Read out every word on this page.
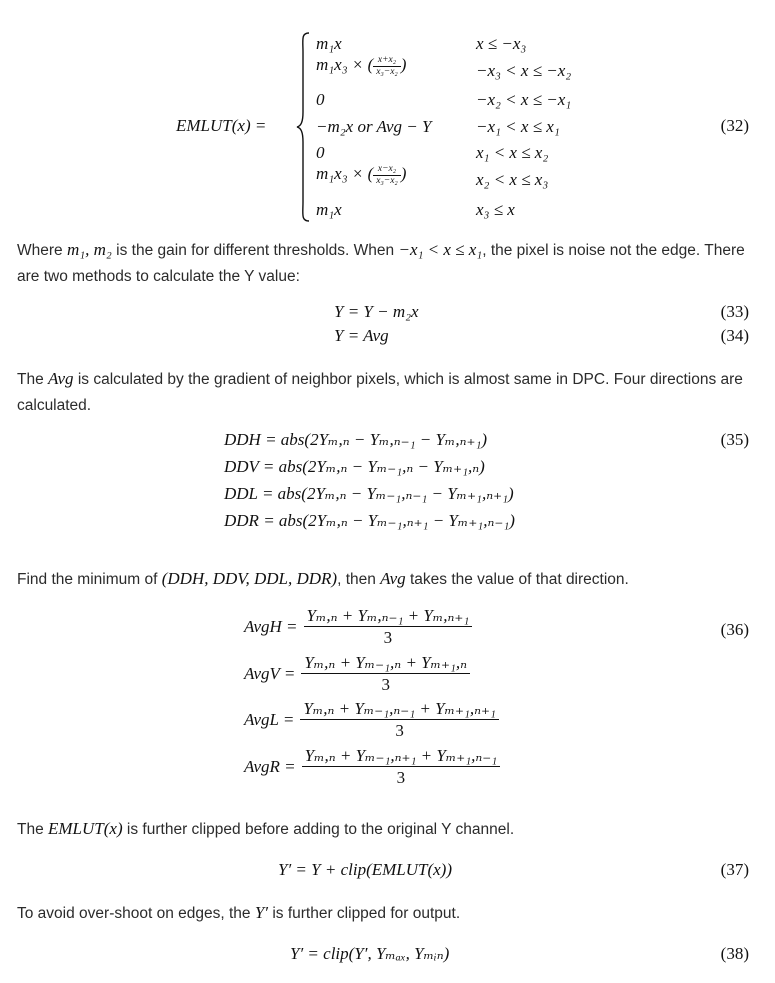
EMLUT(x) =
m₁x	x ≤ −x₃
m₁x₃ × ( $\frac{\text{x+x₂}}{\text{x₃−x₂}}$ )	−x₃ < x ≤ −x₂
0	−x₂ < x ≤ −x₁
−m₂x or Avg − Y	−x₁ < x ≤ x₁
0	x₁ < x ≤ x₂
m₁x₃ × ( $\frac{\text{x−x₂}}{\text{x₃−x₂}}$ )	x₂ < x ≤ x₃
m₁x	x₃ ≤ x
(32)
Where m₁, m₂ is the gain for different thresholds. When −x₁ < x ≤ x₁, the pixel is noise not the edge. There are two methods to calculate the Y value:
Y = Y − m₂x	(33)
Y = Avg	(34)
The Avg is calculated by the gradient of neighbor pixels, which is almost same in DPC. Four directions are calculated.
DDH = abs(2Yₘ,ₙ − Yₘ,ₙ₋₁ − Yₘ,ₙ₊₁)
DDV = abs(2Yₘ,ₙ − Yₘ₋₁,ₙ − Yₘ₊₁,ₙ)
DDL = abs(2Yₘ,ₙ − Yₘ₋₁,ₙ₋₁ − Yₘ₊₁,ₙ₊₁)
DDR = abs(2Yₘ,ₙ − Yₘ₋₁,ₙ₊₁ − Yₘ₊₁,ₙ₋₁)
(35)
Find the minimum of (DDH, DDV, DDL, DDR), then Avg takes the value of that direction.
AvgH = $\frac{\text{Yₘ,ₙ + Yₘ,ₙ₋₁ + Yₘ,ₙ₊₁}}{3}$
AvgV = $\frac{\text{Yₘ,ₙ + Yₘ₋₁,ₙ + Yₘ₊₁,ₙ}}{3}$
AvgL = $\frac{\text{Yₘ,ₙ + Yₘ₋₁,ₙ₋₁ + Yₘ₊₁,ₙ₊₁}}{3}$
AvgR = $\frac{\text{Yₘ,ₙ + Yₘ₋₁,ₙ₊₁ + Yₘ₊₁,ₙ₋₁}}{3}$
(36)
The EMLUT(x) is further clipped before adding to the original Y channel.
Y′ = Y + clip(EMLUT(x))	(37)
To avoid over-shoot on edges, the Y′ is further clipped for output.
Y′ = clip(Y′, Yₘₐₓ, Yₘᵢₙ)	(38)
